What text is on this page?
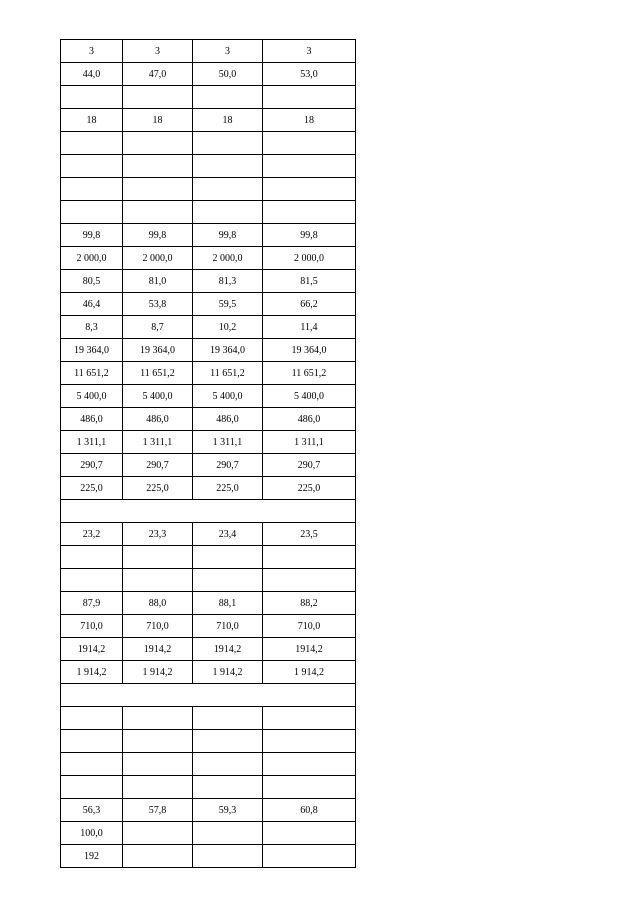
3	3	3	3
44,0	47,0	50,0	53,0

18	18	18	18

99,8	99,8	99,8	99,8
2 000,0	2 000,0	2 000,0	2 000,0
80,5	81,0	81,3	81,5
46,4	53,8	59,5	66,2
8,3	8,7	10,2	11,4
19 364,0	19 364,0	19 364,0	19 364,0
11 651,2	11 651,2	11 651,2	11 651,2
5 400,0	5 400,0	5 400,0	5 400,0
486,0	486,0	486,0	486,0
1 311,1	1 311,1	1 311,1	1 311,1
290,7	290,7	290,7	290,7
225,0	225,0	225,0	225,0

23,2	23,3	23,4	23,5

87,9	88,0	88,1	88,2
710,0	710,0	710,0	710,0
1914,2	1914,2	1914,2	1914,2
1 914,2	1 914,2	1 914,2	1 914,2

56,3	57,8	59,3	60,8
100,0			
192			
